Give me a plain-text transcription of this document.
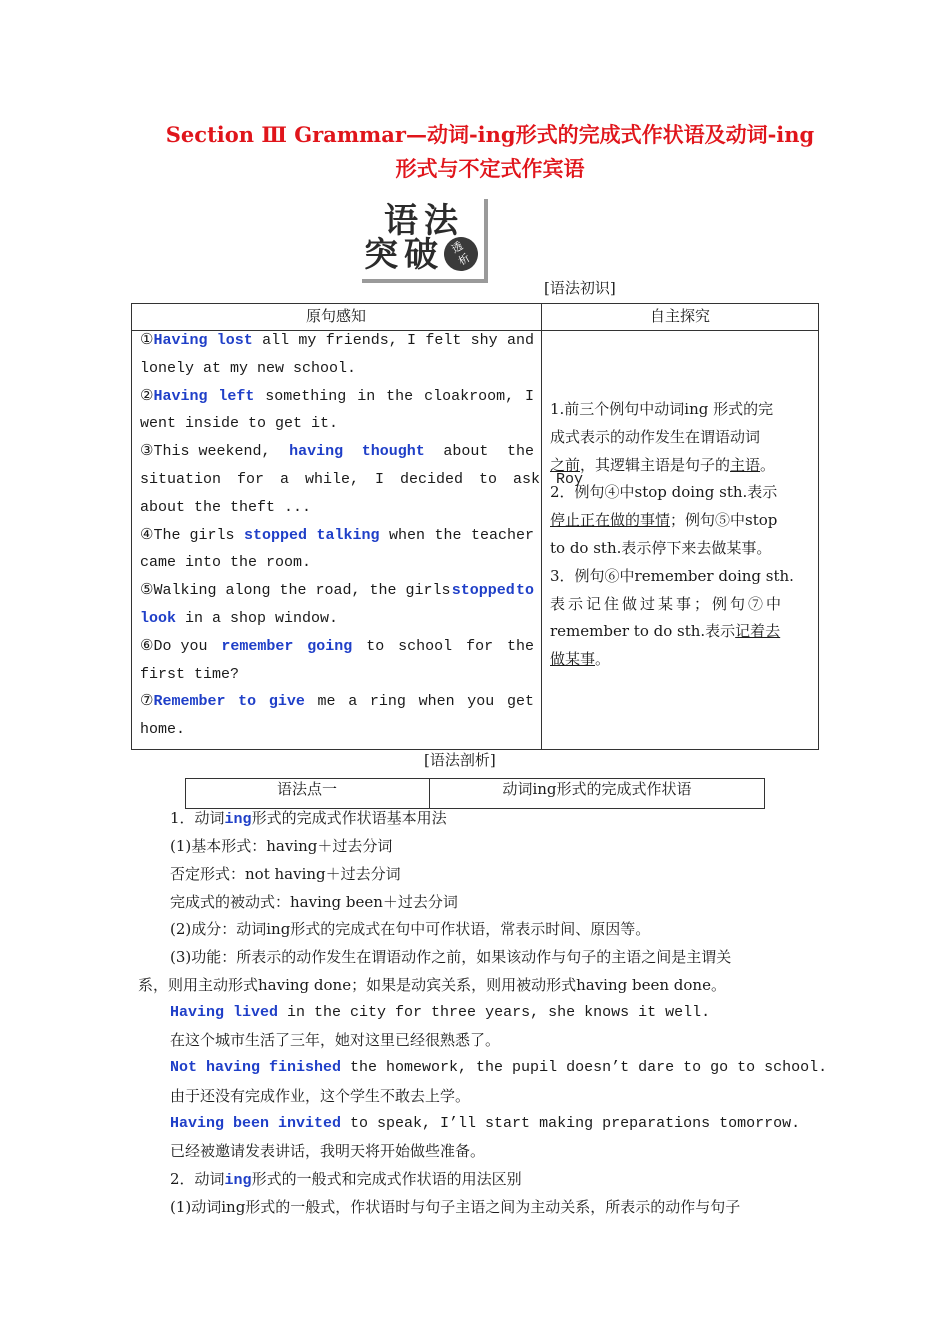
Section Ⅲ Grammar—动词-ing形式的完成式作状语及动词-ing
形式与不定式作宾语
语 法
突 破	透
析
[语法初识]
原句感知	自主探究
①Having lost all my friends, I felt shy and
lonely at my new school.
②Having left something in the cloakroom, I
went inside to get it.
③This weekend, having thought about the
situation for a while, I decided to ask Roy
about the theft ...
④The girls stopped talking when the teacher
came into the room.
⑤Walking along the road, the girls stopped to
look in a shop window.
⑥Do you remember going to school for the
first time?
⑦Remember to give me a ring when you get
home.
1.前三个例句中动词ing 形式的完
成式表示的动作发生在谓语动词
之前，其逻辑主语是句子的主语。
2．例句④中stop doing sth.表示
停止正在做的事情；例句⑤中stop
to do sth.表示停下来去做某事。
3．例句⑥中remember doing sth.
表示记住做过某事；例句⑦中
remember to do sth.表示记着去
做某事。
[语法剖析]
语法点一	动词ing形式的完成式作状语
1．动词ing形式的完成式作状语基本用法
(1)基本形式：having＋过去分词
否定形式：not having＋过去分词
完成式的被动式：having been＋过去分词
(2)成分：动词ing形式的完成式在句中可作状语，常表示时间、原因等。
(3)功能：所表示的动作发生在谓语动作之前，如果该动作与句子的主语之间是主谓关
系，则用主动形式having done；如果是动宾关系，则用被动形式having been done。
Having lived in the city for three years, she knows it well.
在这个城市生活了三年，她对这里已经很熟悉了。
Not having finished the homework, the pupil doesn’t dare to go to school.
由于还没有完成作业，这个学生不敢去上学。
Having been invited to speak, I’ll start making preparations tomorrow.
已经被邀请发表讲话，我明天将开始做些准备。
2．动词ing形式的一般式和完成式作状语的用法区别
(1)动词ing形式的一般式，作状语时与句子主语之间为主动关系，所表示的动作与句子
